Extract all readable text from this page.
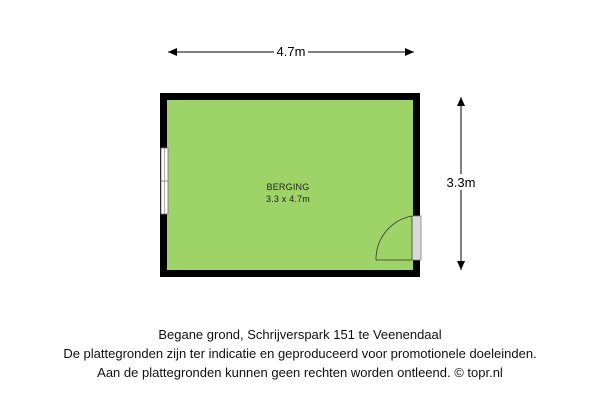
4.7m
3.3m
BERGING
3.3 x 4.7m
Begane grond, Schrijverspark 151 te Veenendaal
De plattegronden zijn ter indicatie en geproduceerd voor promotionele doeleinden.
Aan de plattegronden kunnen geen rechten worden ontleend. © topr.nl
